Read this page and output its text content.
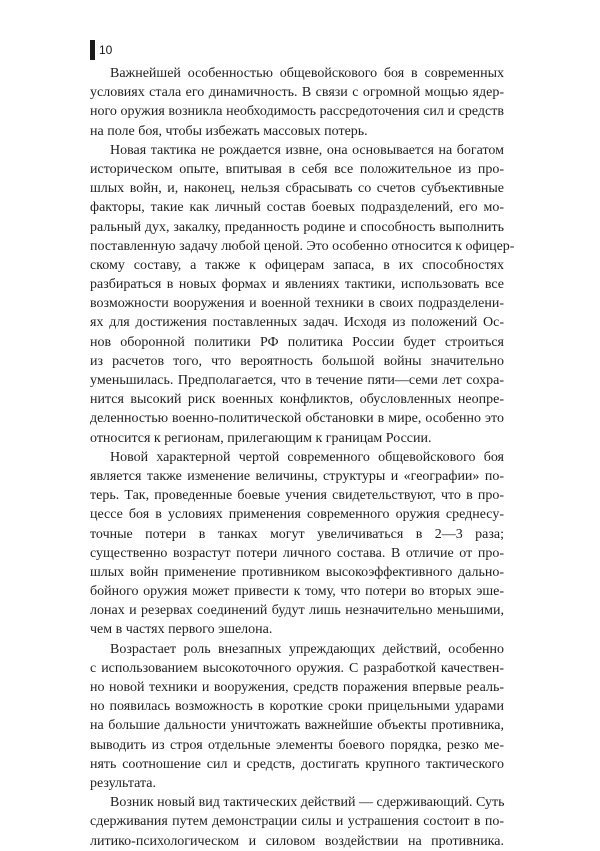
10
Важнейшей особенностью общевойскового боя в современных
условиях стала его динамичность. В связи с огромной мощью ядер-
ного оружия возникла необходимость рассредоточения сил и средств
на поле боя, чтобы избежать массовых потерь.
Новая тактика не рождается извне, она основывается на богатом
историческом опыте, впитывая в себя все положительное из про-
шлых войн, и, наконец, нельзя сбрасывать со счетов субъективные
факторы, такие как личный состав боевых подразделений, его мо-
ральный дух, закалку, преданность родине и способность выполнить
поставленную задачу любой ценой. Это особенно относится к офицер-
скому составу, а также к офицерам запаса, в их способностях
разбираться в новых формах и явлениях тактики, использовать все
возможности вооружения и военной техники в своих подразделени-
ях для достижения поставленных задач. Исходя из положений Ос-
нов оборонной политики РФ политика России будет строиться
из расчетов того, что вероятность большой войны значительно
уменьшилась. Предполагается, что в течение пяти—семи лет сохра-
нится высокий риск военных конфликтов, обусловленных неопре-
деленностью военно-политической обстановки в мире, особенно это
относится к регионам, прилегающим к границам России.
Новой характерной чертой современного общевойскового боя
является также изменение величины, структуры и «географии» по-
терь. Так, проведенные боевые учения свидетельствуют, что в про-
цессе боя в условиях применения современного оружия среднесу-
точные потери в танках могут увеличиваться в 2—3 раза;
существенно возрастут потери личного состава. В отличие от про-
шлых войн применение противником высокоэффективного дально-
бойного оружия может привести к тому, что потери во вторых эше-
лонах и резервах соединений будут лишь незначительно меньшими,
чем в частях первого эшелона.
Возрастает роль внезапных упреждающих действий, особенно
с использованием высокоточного оружия. С разработкой качествен-
но новой техники и вооружения, средств поражения впервые реаль-
но появилась возможность в короткие сроки прицельными ударами
на большие дальности уничтожать важнейшие объекты противника,
выводить из строя отдельные элементы боевого порядка, резко ме-
нять соотношение сил и средств, достигать крупного тактического
результата.
Возник новый вид тактических действий — сдерживающий. Суть
сдерживания путем демонстрации силы и устрашения состоит в по-
литико-психологическом и силовом воздействии на противника.
